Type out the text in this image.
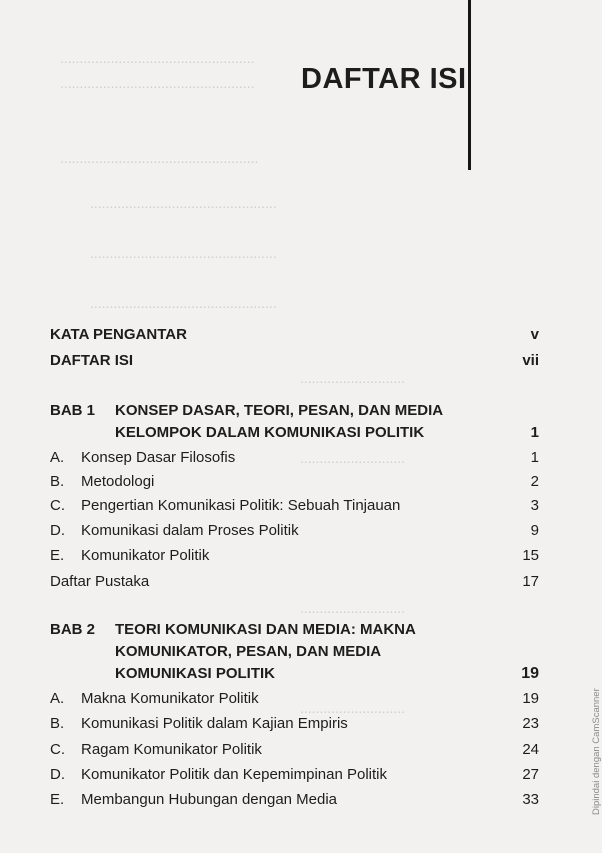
..................................................
..................................................
...................................................
................................................
................................................
................................................
...........................
...........................
...........................
...........................
DAFTAR ISI
KATA PENGANTAR	v
DAFTAR ISI	vii
BAB 1 KONSEP DASAR, TEORI, PESAN, DAN MEDIA
KELOMPOK DALAM KOMUNIKASI POLITIK	1
A. Konsep Dasar Filosofis	1
B. Metodologi	2
C. Pengertian Komunikasi Politik: Sebuah Tinjauan	3
D. Komunikasi dalam Proses Politik	9
E. Komunikator Politik	15
Daftar Pustaka	17
BAB 2 TEORI KOMUNIKASI DAN MEDIA: MAKNA
KOMUNIKATOR, PESAN, DAN MEDIA
KOMUNIKASI POLITIK	19
A. Makna Komunikator Politik	19
B. Komunikasi Politik dalam Kajian Empiris	23
C. Ragam Komunikator Politik	24
D. Komunikator Politik dan Kepemimpinan Politik	27
E. Membangun Hubungan dengan Media	33	Dipindai dengan CamScanner
